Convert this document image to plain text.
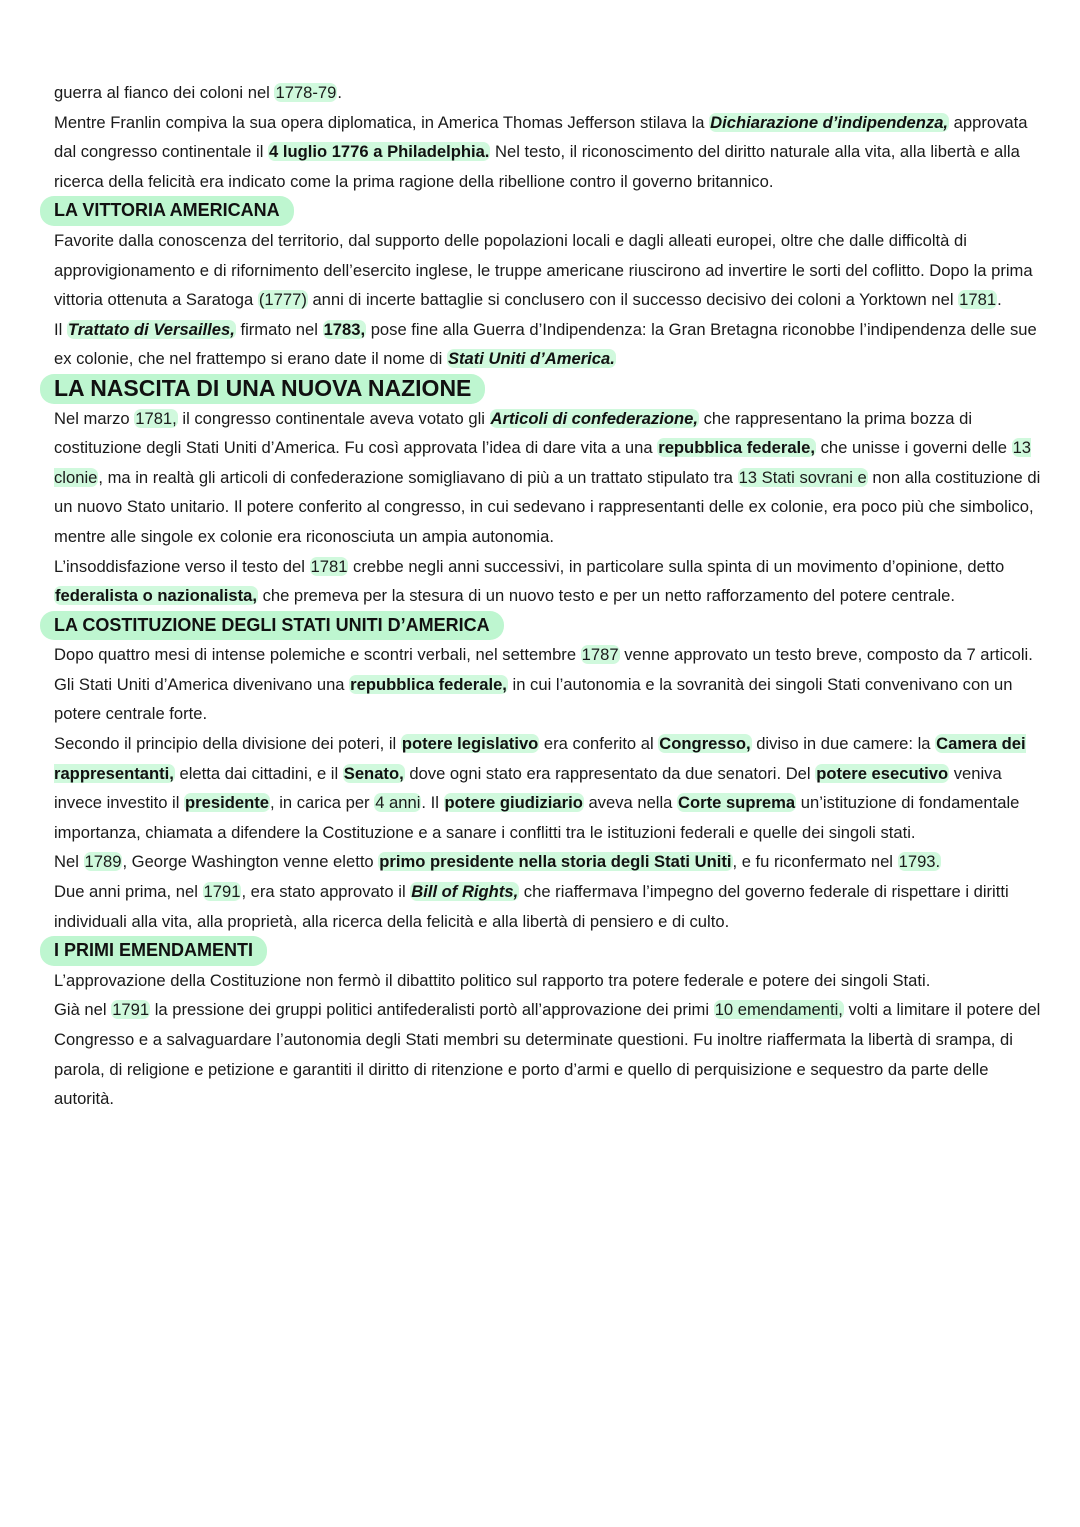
guerra al fianco dei coloni nel 1778-79.

Mentre Franlin compiva la sua opera diplomatica, in America Thomas Jefferson stilava la Dichiarazione d’indipendenza, approvata dal congresso continentale il 4 luglio 1776 a Philadelphia. Nel testo, il riconoscimento del diritto naturale alla vita, alla libertà e alla ricerca della felicità era indicato come la prima ragione della ribellione contro il governo britannico.

LA VITTORIA AMERICANA

Favorite dalla conoscenza del territorio, dal supporto delle popolazioni locali e dagli alleati europei, oltre che dalle difficoltà di approvigionamento e di rifornimento dell’esercito inglese, le truppe americane riuscirono ad invertire le sorti del coflitto. Dopo la prima vittoria ottenuta a Saratoga (1777) anni di incerte battaglie si conclusero con il successo decisivo dei coloni a Yorktown nel 1781.

Il Trattato di Versailles, firmato nel 1783, pose fine alla Guerra d’Indipendenza: la Gran Bretagna riconobbe l’indipendenza delle sue ex colonie, che nel frattempo si erano date il nome di Stati Uniti d’America.

LA NASCITA DI UNA NUOVA NAZIONE

Nel marzo 1781, il congresso continentale aveva votato gli Articoli di confederazione, che rappresentano la prima bozza di costituzione degli Stati Uniti d’America. Fu così approvata l’idea di dare vita a una repubblica federale, che unisse i governi delle 13 clonie, ma in realtà gli articoli di confederazione somigliavano di più a un trattato stipulato tra 13 Stati sovrani e non alla costituzione di un nuovo Stato unitario. Il potere conferito al congresso, in cui sedevano i rappresentanti delle ex colonie, era poco più che simbolico, mentre alle singole ex colonie era riconosciuta un ampia autonomia.

L’insoddisfazione verso il testo del 1781 crebbe negli anni successivi, in particolare sulla spinta di un movimento d’opinione, detto federalista o nazionalista, che premeva per la stesura di un nuovo testo e per un netto rafforzamento del potere centrale.

LA COSTITUZIONE DEGLI STATI UNITI D’AMERICA

Dopo quattro mesi di intense polemiche e scontri verbali, nel settembre 1787 venne approvato un testo breve, composto da 7 articoli. Gli Stati Uniti d’America divenivano una repubblica federale, in cui l’autonomia e la sovranità dei singoli Stati convenivano con un potere centrale forte.

Secondo il principio della divisione dei poteri, il potere legislativo era conferito al Congresso, diviso in due camere: la Camera dei rappresentanti, eletta dai cittadini, e il Senato, dove ogni stato era rappresentato da due senatori. Del potere esecutivo veniva invece investito il presidente, in carica per 4 anni. Il potere giudiziario aveva nella Corte suprema un’istituzione di fondamentale importanza, chiamata a difendere la Costituzione e a sanare i conflitti tra le istituzioni federali e quelle dei singoli stati.

Nel 1789, George Washington venne eletto primo presidente nella storia degli Stati Uniti, e fu riconfermato nel 1793.

Due anni prima, nel 1791, era stato approvato il Bill of Rights, che riaffermava l’impegno del governo federale di rispettare i diritti individuali alla vita, alla proprietà, alla ricerca della felicità e alla libertà di pensiero e di culto.

I PRIMI EMENDAMENTI

L’approvazione della Costituzione non fermò il dibattito politico sul rapporto tra potere federale e potere dei singoli Stati.

Già nel 1791 la pressione dei gruppi politici antifederalisti portò all’approvazione dei primi 10 emendamenti, volti a limitare il potere del Congresso e a salvaguardare l’autonomia degli Stati membri su determinate questioni. Fu inoltre riaffermata la libertà di srampa, di parola, di religione e petizione e garantiti il diritto di ritenzione e porto d’armi e quello di perquisizione e sequestro da parte delle autorità.
